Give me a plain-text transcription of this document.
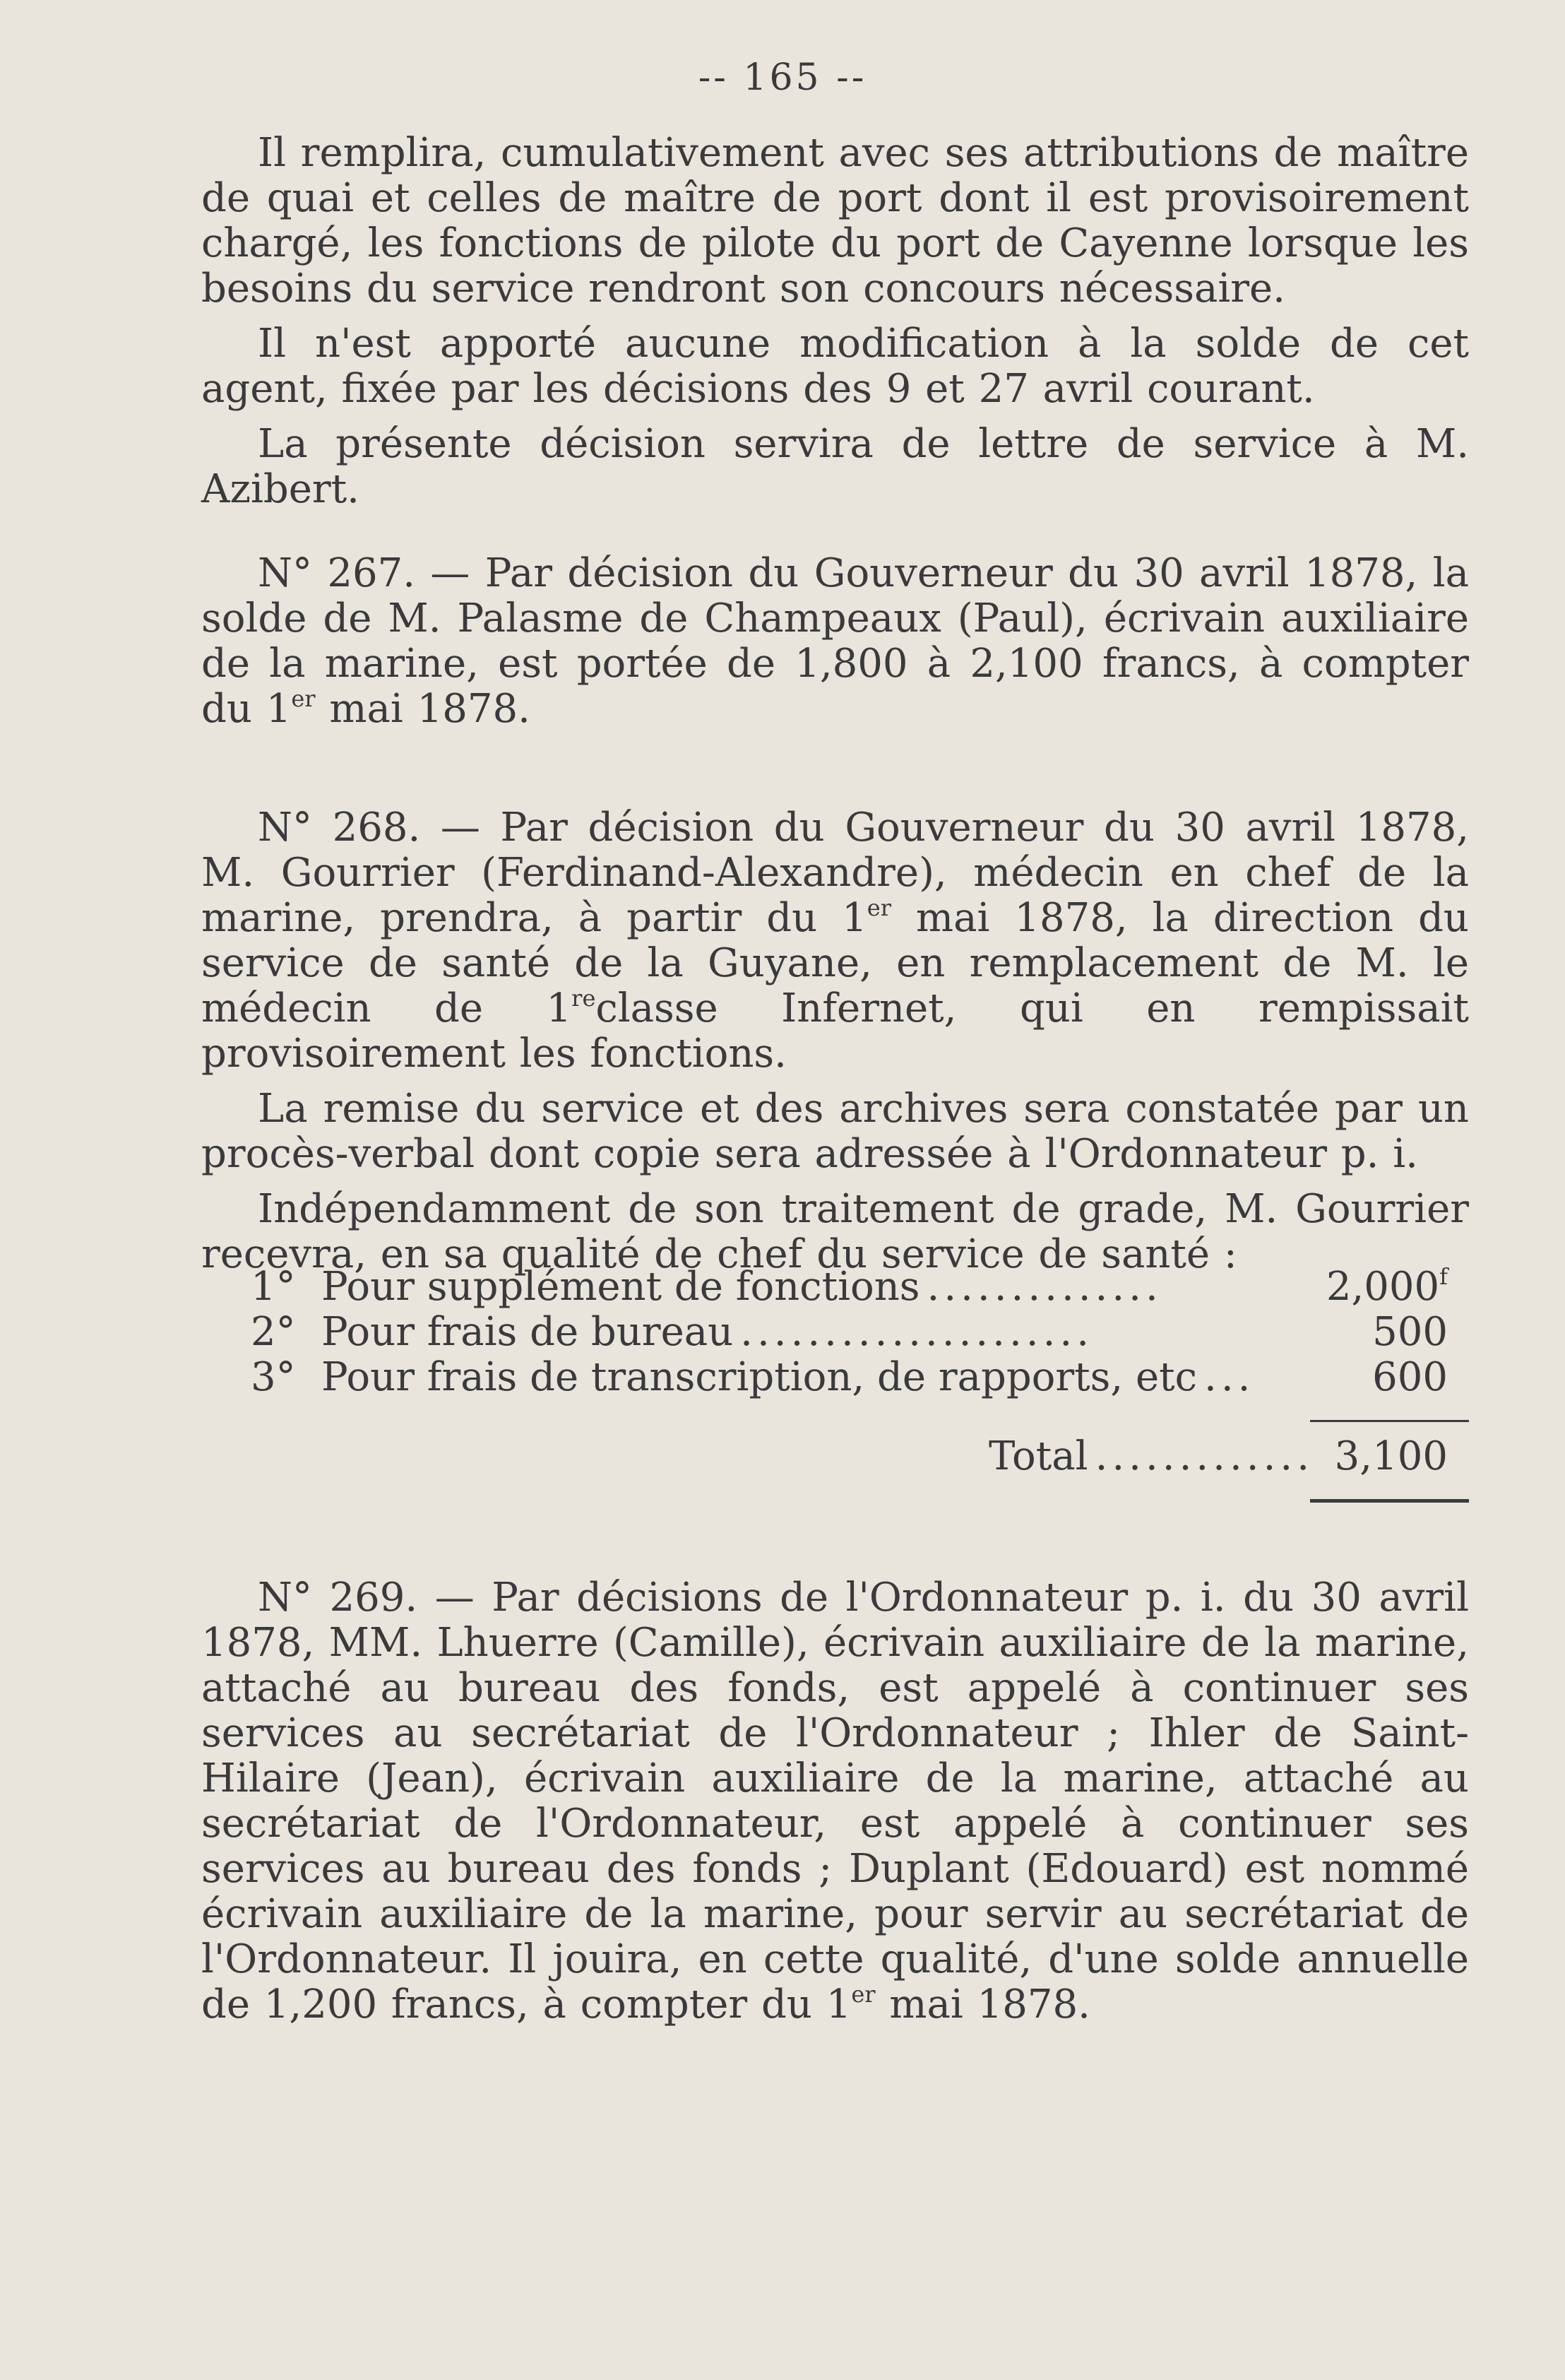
-- 165 --

Il remplira, cumulativement avec ses attributions de maître de quai et celles de maître de port dont il est provisoirement chargé, les fonctions de pilote du port de Cayenne lorsque les besoins du service rendront son concours nécessaire.

Il n'est apporté aucune modification à la solde de cet agent, fixée par les décisions des 9 et 27 avril courant.

La présente décision servira de lettre de service à M. Azibert.

N° 267. — Par décision du Gouverneur du 30 avril 1878, la solde de M. Palasme de Champeaux (Paul), écrivain auxiliaire de la marine, est portée de 1,800 à 2,100 francs, à compter du 1er mai 1878.

N° 268. — Par décision du Gouverneur du 30 avril 1878, M. Gourrier (Ferdinand-Alexandre), médecin en chef de la marine, prendra, à partir du 1er mai 1878, la direction du service de santé de la Guyane, en remplacement de M. le médecin de 1reclasse Infernet, qui en rempissait provisoirement les fonctions.

La remise du service et des archives sera constatée par un procès-verbal dont copie sera adressée à l'Ordonnateur p. i.

Indépendamment de son traitement de grade, M. Gourrier recevra, en sa qualité de chef du service de santé :

1° Pour supplément de fonctions ..............	2,000$^f$
2° Pour frais de bureau .....................	500
3° Pour frais de transcription, de rapports, etc ...	600
Total ............. 3,100

N° 269. — Par décisions de l'Ordonnateur p. i. du 30 avril 1878, MM. Lhuerre (Camille), écrivain auxiliaire de la marine, attaché au bureau des fonds, est appelé à continuer ses services au secrétariat de l'Ordonnateur ; Ihler de Saint-Hilaire (Jean), écrivain auxiliaire de la marine, attaché au secrétariat de l'Ordonnateur, est appelé à continuer ses services au bureau des fonds ; Duplant (Edouard) est nommé écrivain auxiliaire de la marine, pour servir au secrétariat de l'Ordonnateur. Il jouira, en cette qualité, d'une solde annuelle de 1,200 francs, à compter du 1er mai 1878.
